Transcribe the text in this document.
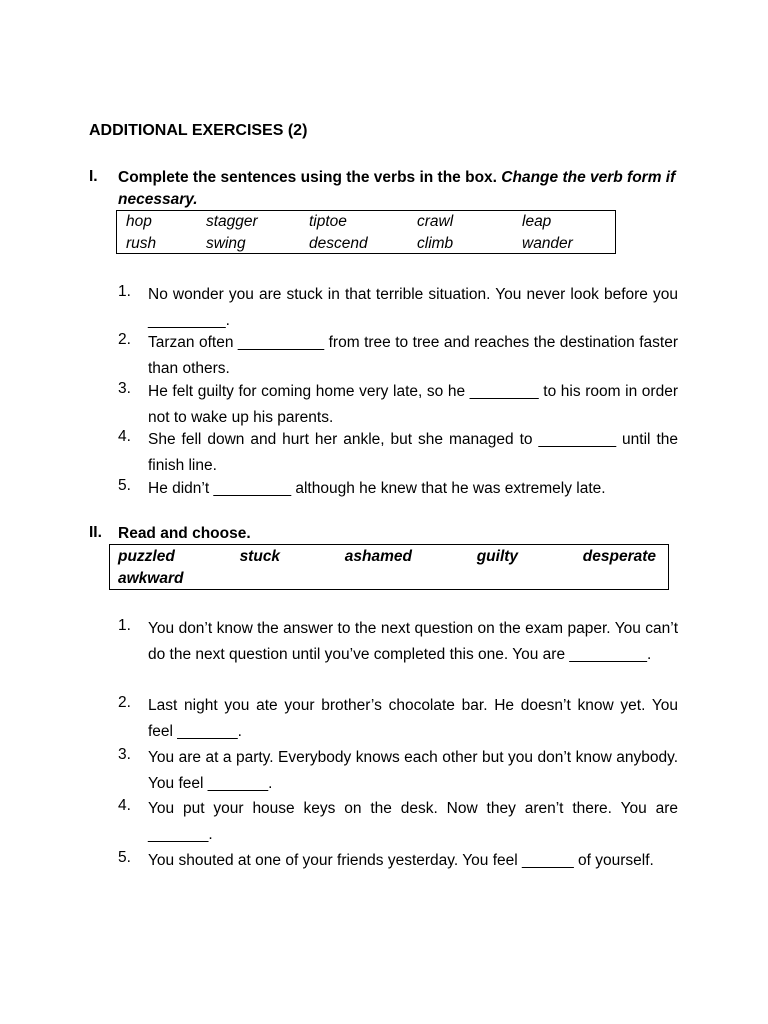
ADDITIONAL EXERCISES (2)
I. Complete the sentences using the verbs in the box. Change the verb form if necessary.
hop	stagger	tiptoe	crawl	leap
rush	swing	descend	climb	wander
1. No wonder you are stuck in that terrible situation. You never look before you _________.
2. Tarzan often __________ from tree to tree and reaches the destination faster than others.
3. He felt guilty for coming home very late, so he ________ to his room in order not to wake up his parents.
4. She fell down and hurt her ankle, but she managed to _________ until the finish line.
5. He didn’t _________ although he knew that he was extremely late.
II. Read and choose.
puzzled	stuck	ashamed	guilty	desperate
awkward
1. You don’t know the answer to the next question on the exam paper. You can’t do the next question until you’ve completed this one. You are _________.
2. Last night you ate your brother’s chocolate bar. He doesn’t know yet. You feel _______.
3. You are at a party. Everybody knows each other but you don’t know anybody. You feel _______.
4. You put your house keys on the desk. Now they aren’t there. You are _______.
5. You shouted at one of your friends yesterday. You feel ______ of yourself.
